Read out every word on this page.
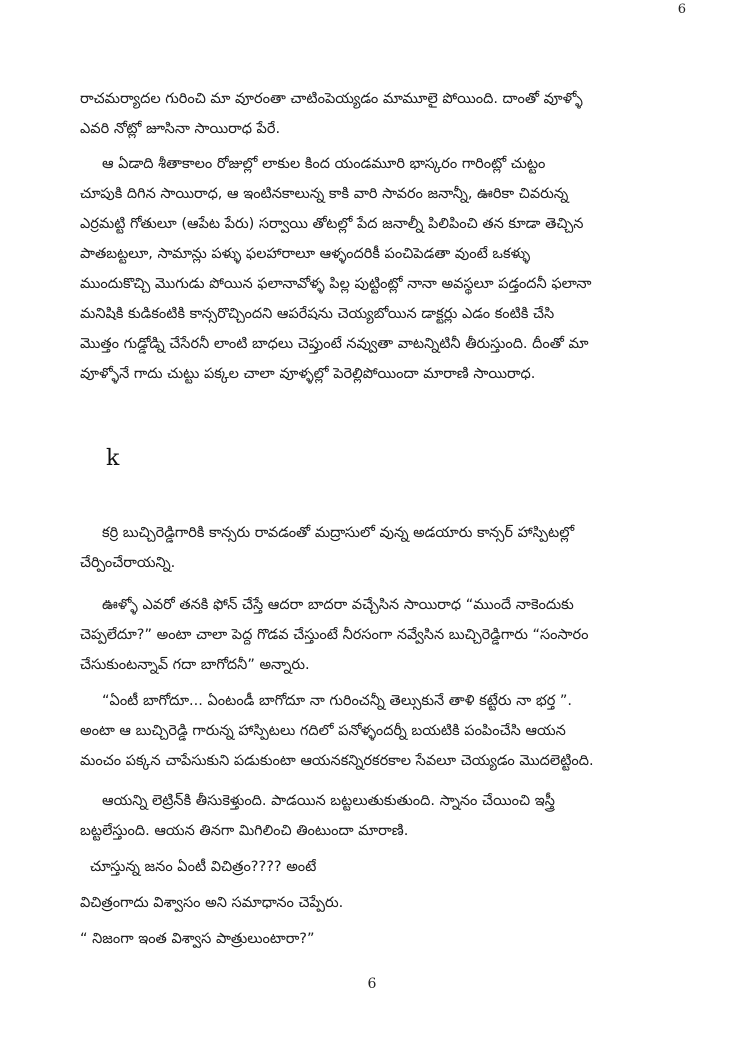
6
రాచమర్యాదల గురించి మా వూరంతా చాటింపెయ్యడం మామూలై పోయింది. దాంతో వూళ్ళో
ఎవరి నోట్లో జూసినా సాయిరాధ పేరే.
ఆ ఏడాది శీతాకాలం రోజుల్లో లాకుల కింద యండమూరి భాస్కరం గారింట్లో చుట్టం
చూపుకి దిగిన సాయిరాధ, ఆ ఇంటినకాలున్న కాకి వారి సావరం జనాన్నీ, ఊరికా చివరున్న
ఎర్రమట్టి గోతులూ (ఆపేట పేరు) సర్వాయి తోటల్లో పేద జనాల్నీ పిలిపించి తన కూడా తెచ్చిన
పాతబట్టలూ, సామాన్లు పళ్ళు ఫలహారాలూ ఆళ్ళందరికీ పంచిపెడతా వుంటే ఒకళ్ళు
ముందుకొచ్చి మొగుడు పోయిన ఫలానావోళ్ళ పిల్ల పుట్టింట్లో నానా అవస్థలూ పడ్తందనీ ఫలానా
మనిషికి కుడికంటికి కాన్సరొచ్చిందని ఆపరేషను చెయ్యబోయిన డాక్టర్లు ఎడం కంటికి చేసి
మొత్తం గుడ్డోడ్ని చేసేరనీ లాంటి బాధలు చెప్తుంటే నవ్వుతా వాటన్నిటినీ తీరుస్తుంది. దీంతో మా
వూళ్ళోనే గాదు చుట్టు పక్కల చాలా వూళ్ళల్లో పెరెల్లిపోయిందా మారాణి సాయిరాధ.
k
కర్రి బుచ్చిరెడ్డిగారికి కాన్సరు రావడంతో మద్రాసులో వున్న అడయారు కాన్సర్ హాస్పిటల్లో
చేర్పించేరాయన్ని.
ఊళ్ళో ఎవరో తనకి ఫోన్ చేస్తే ఆదరా బాదరా వచ్చేసిన సాయిరాధ “ముందే నాకెందుకు
చెప్పలేదూ?” అంటా చాలా పెద్ద గొడవ చేస్తుంటే నీరసంగా నవ్వేసిన బుచ్చిరెడ్డిగారు “సంసారం
చేసుకుంటన్నావ్ గదా బాగోదనీ” అన్నారు.
“ఏంటీ బాగోదూ... ఏంటండీ బాగోదూ నా గురించన్నీ తెల్సుకునే తాళి కట్టేరు నా భర్త ”.
అంటా ఆ బుచ్చిరెడ్డి గారున్న హాస్పిటలు గదిలో పనోళ్ళందర్నీ బయటికి పంపించేసి ఆయన
మంచం పక్కన చాపేసుకుని పడుకుంటా ఆయనకన్నిరకరకాల సేవలూ చెయ్యడం మొదలెట్టింది.
ఆయన్ని లెట్రిన్‌కి తీసుకెళ్తుంది. పాడయిన బట్టలుతుకుతుంది. స్నానం చేయించి ఇస్త్రీ
బట్టలేస్తుంది. ఆయన తినగా మిగిలించి తింటుందా మారాణి.
చూస్తున్న జనం ఏంటీ విచిత్రం???? అంటే
విచిత్రంగాదు విశ్వాసం అని సమాధానం చెప్పేరు.
“ నిజంగా ఇంత విశ్వాస పాత్రులుంటారా?”
6
